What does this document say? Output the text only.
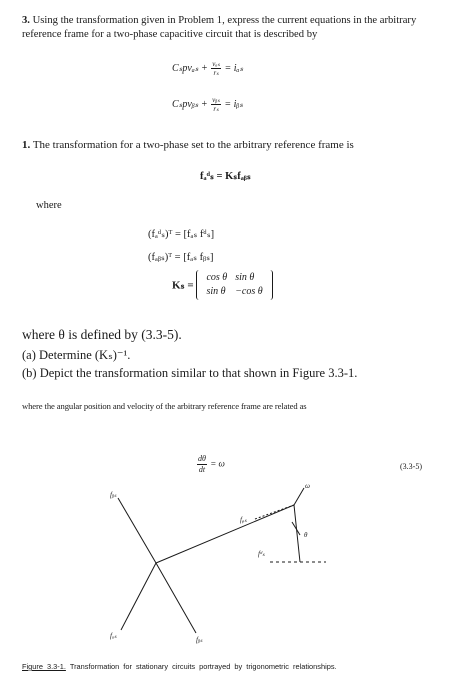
3. Using the transformation given in Problem 1, express the current equations in the arbitrary reference frame for a two-phase capacitive circuit that is described by
$C_spv_{as} + \frac{\text{vₐₛ}}{\text{rₛ}} = i_{as}$
Cₛpvᵦₛ + $\frac{\text{vᵦₛ}}{\text{rₛ}}$ = iᵦₛ
1. The transformation for a two-phase set to the arbitrary reference frame is
fₐᵈₛ = Kₛfₐᵦₛ
where
(fₐᵈₛ)ᵀ = [fₐₛ fᵈₛ]
(fₐᵦₛ)ᵀ = [fₐₛ fᵦₛ]
Kₛ =
cos θ	sin θ
sin θ	−cos θ
where θ is defined by (3.3-5).
(a) Determine (Kₛ)⁻¹.
(b) Depict the transformation similar to that shown in Figure 3.3-1.
where the angular position and velocity of the arbitrary reference frame are related as
$\frac{d\theta}{dt} = \omega$	(3.3-5)
fᵦₛ
ω
fᵩₛ
θ
fᵈₛ
fₐₛ	fᵦₛ
Figure 3.3-1. Transformation for stationary circuits portrayed by trigonometric relationships.
